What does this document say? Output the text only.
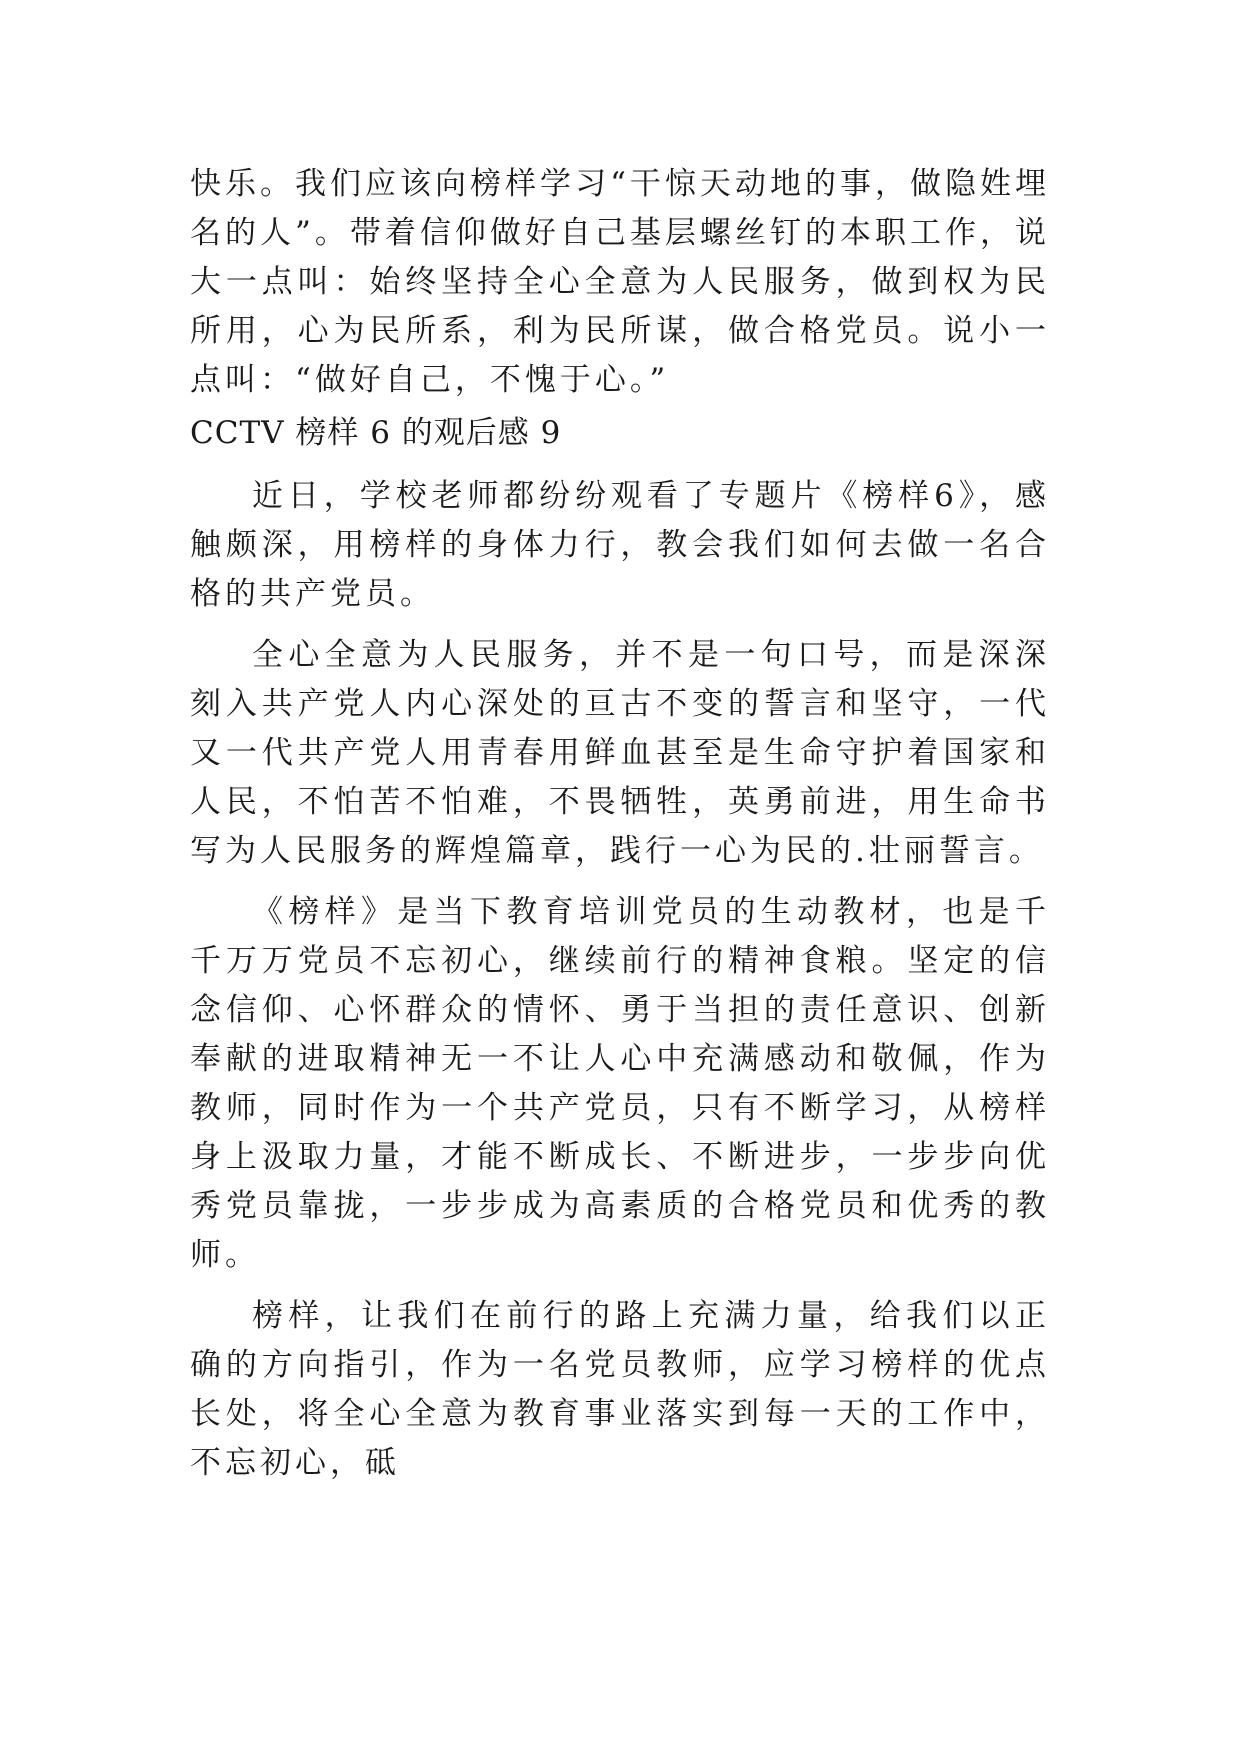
快乐。我们应该向榜样学习“干惊天动地的事，做隐姓埋名的人”。带着信仰做好自己基层螺丝钉的本职工作，说大一点叫：始终坚持全心全意为人民服务，做到权为民所用，心为民所系，利为民所谋，做合格党员。说小一点叫：“做好自己，不愧于心。”

CCTV 榜样 6 的观后感 9

近日，学校老师都纷纷观看了专题片《榜样6》，感触颇深，用榜样的身体力行，教会我们如何去做一名合格的共产党员。

全心全意为人民服务，并不是一句口号，而是深深刻入共产党人内心深处的亘古不变的誓言和坚守，一代又一代共产党人用青春用鲜血甚至是生命守护着国家和人民，不怕苦不怕难，不畏牺牲，英勇前进，用生命书写为人民服务的辉煌篇章，践行一心为民的.壮丽誓言。

《榜样》是当下教育培训党员的生动教材，也是千千万万党员不忘初心，继续前行的精神食粮。坚定的信念信仰、心怀群众的情怀、勇于当担的责任意识、创新奉献的进取精神无一不让人心中充满感动和敬佩，作为教师，同时作为一个共产党员，只有不断学习，从榜样身上汲取力量，才能不断成长、不断进步，一步步向优秀党员靠拢，一步步成为高素质的合格党员和优秀的教师。

榜样，让我们在前行的路上充满力量，给我们以正确的方向指引，作为一名党员教师，应学习榜样的优点长处，将全心全意为教育事业落实到每一天的工作中，不忘初心，砥
